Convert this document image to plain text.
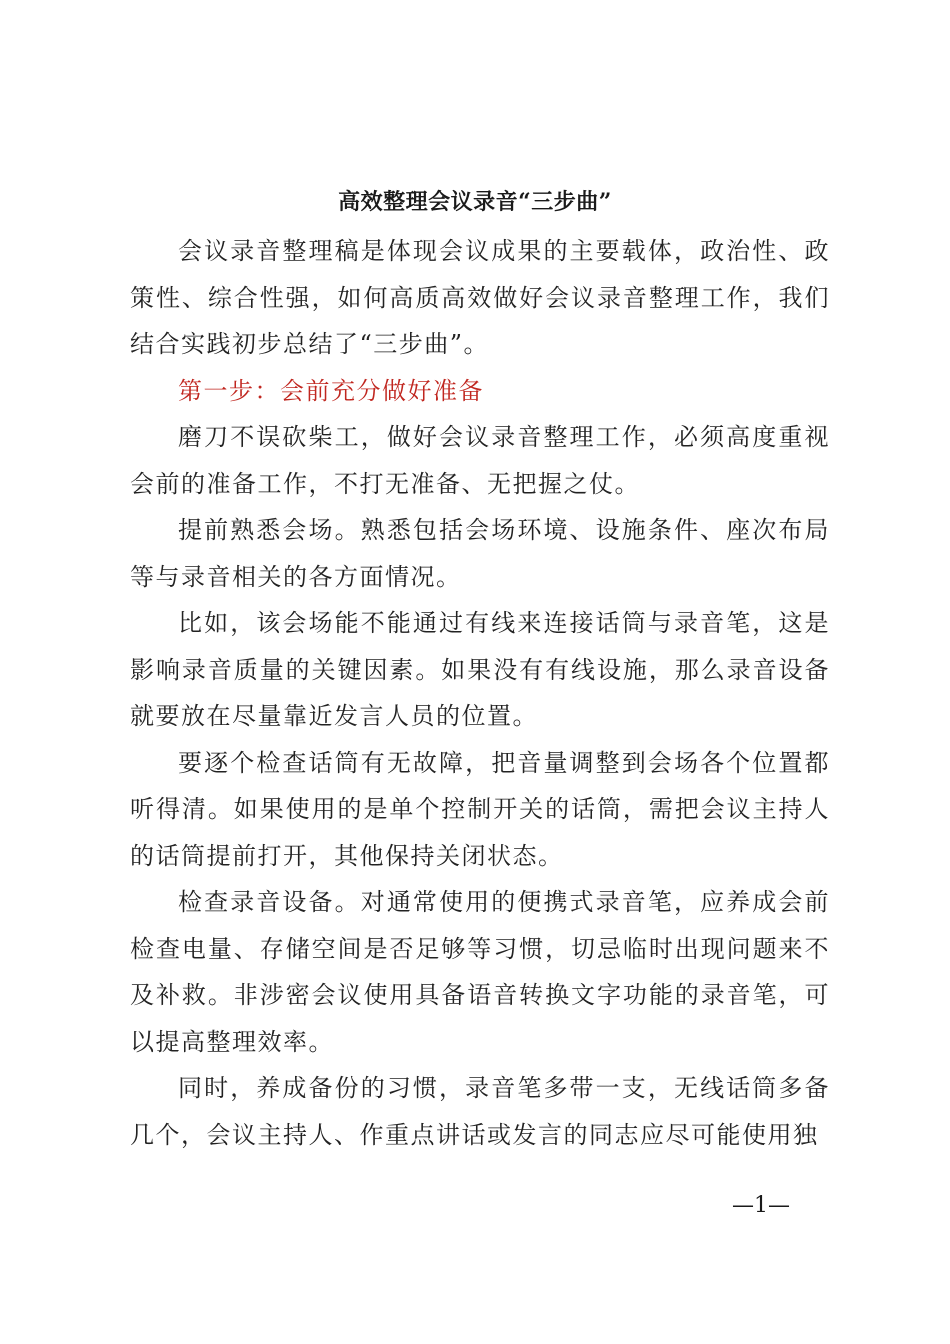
高效整理会议录音“三步曲”

会议录音整理稿是体现会议成果的主要载体，政治性、政策性、综合性强，如何高质高效做好会议录音整理工作，我们结合实践初步总结了“三步曲”。

第一步：会前充分做好准备

磨刀不误砍柴工，做好会议录音整理工作，必须高度重视会前的准备工作，不打无准备、无把握之仗。

提前熟悉会场。熟悉包括会场环境、设施条件、座次布局等与录音相关的各方面情况。

比如，该会场能不能通过有线来连接话筒与录音笔，这是影响录音质量的关键因素。如果没有有线设施，那么录音设备就要放在尽量靠近发言人员的位置。

要逐个检查话筒有无故障，把音量调整到会场各个位置都听得清。如果使用的是单个控制开关的话筒，需把会议主持人的话筒提前打开，其他保持关闭状态。

检查录音设备。对通常使用的便携式录音笔，应养成会前检查电量、存储空间是否足够等习惯，切忌临时出现问题来不及补救。非涉密会议使用具备语音转换文字功能的录音笔，可以提高整理效率。

同时，养成备份的习惯，录音笔多带一支，无线话筒多备几个，会议主持人、作重点讲话或发言的同志应尽可能使用独

—1—
